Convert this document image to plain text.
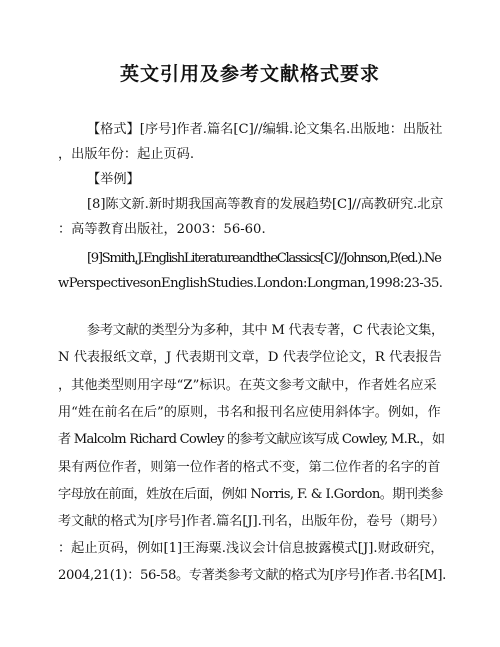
英文引用及参考文献格式要求
【格式】[序号]作者.篇名[C]//编辑.论文集名.出版地：出版社
，出版年份：起止页码.
【举例】
[8]陈文新.新时期我国高等教育的发展趋势[C]//高教研究.北京
：高等教育出版社，2003：56-60.
[9]Smith,J.EnglishLiteratureandtheClassics[C]//Johnson,P.(ed.).Ne
wPerspectivesonEnglishStudies.London:Longman,1998:23-35.
参考文献的类型分为多种，其中 M 代表专著，C 代表论文集，
N 代表报纸文章，J 代表期刊文章，D 代表学位论文，R 代表报告
，其他类型则用字母“Z”标识。在英文参考文献中，作者姓名应采
用“姓在前名在后”的原则，书名和报刊名应使用斜体字。例如，作
者 Malcolm Richard Cowley 的参考文献应该写成 Cowley, M.R.，如
果有两位作者，则第一位作者的格式不变，第二位作者的名字的首
字母放在前面，姓放在后面，例如 Norris, F. & I.Gordon。期刊类参
考文献的格式为[序号]作者.篇名[J].刊名，出版年份，卷号（期号）
：起止页码，例如[1]王海粟.浅议会计信息披露模式[J].财政研究，
2004,21(1)：56-58。专著类参考文献的格式为[序号]作者.书名[M].
